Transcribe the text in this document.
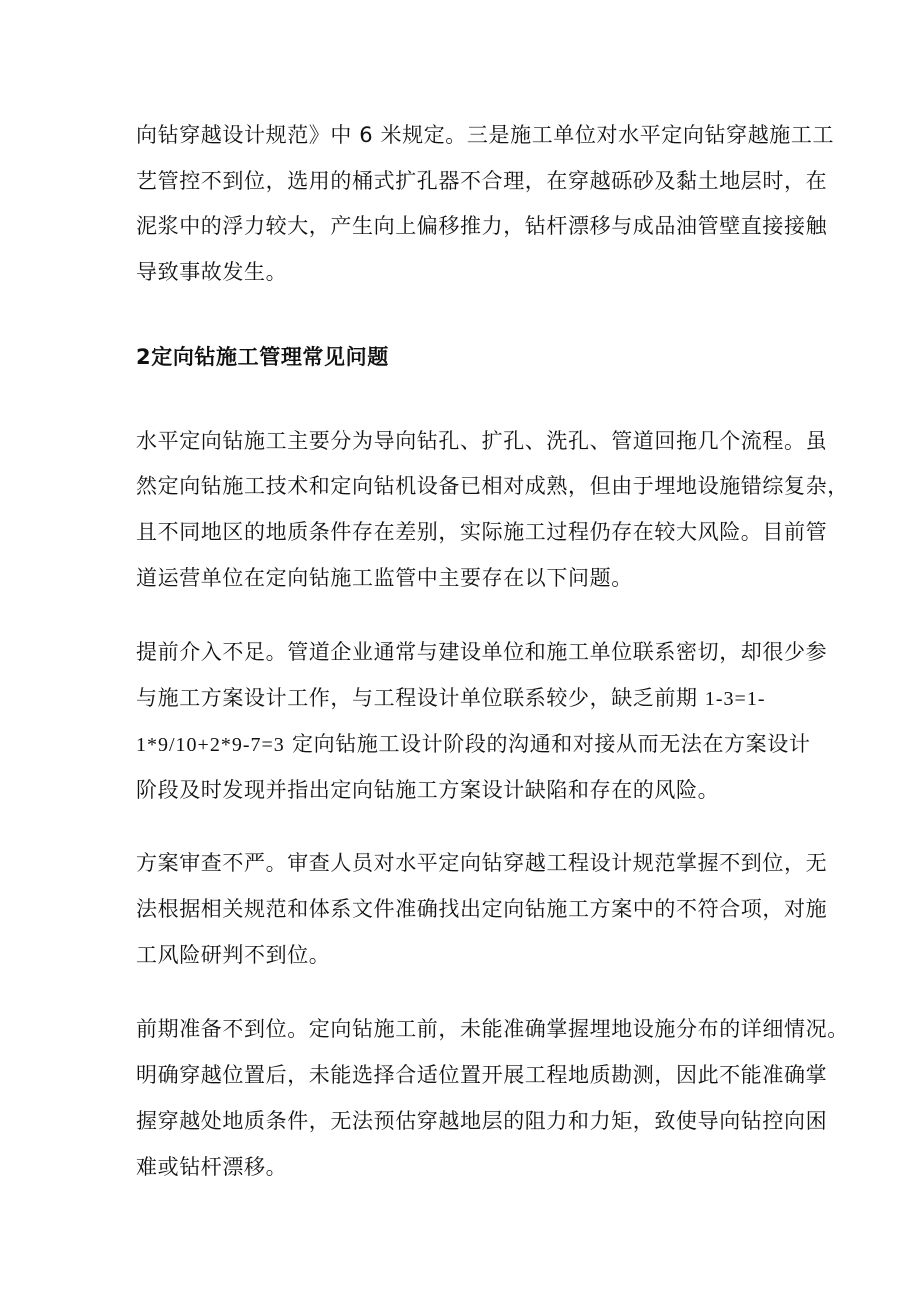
向钻穿越设计规范》中 6 米规定。三是施工单位对水平定向钻穿越施工工
艺管控不到位，选用的桶式扩孔器不合理，在穿越砾砂及黏土地层时，在
泥浆中的浮力较大，产生向上偏移推力，钻杆漂移与成品油管壁直接接触
导致事故发生。
2定向钻施工管理常见问题
水平定向钻施工主要分为导向钻孔、扩孔、洗孔、管道回拖几个流程。虽
然定向钻施工技术和定向钻机设备已相对成熟，但由于埋地设施错综复杂，
且不同地区的地质条件存在差别，实际施工过程仍存在较大风险。目前管
道运营单位在定向钻施工监管中主要存在以下问题。
提前介入不足。管道企业通常与建设单位和施工单位联系密切，却很少参
与施工方案设计工作，与工程设计单位联系较少，缺乏前期 1-3=1-
1*9/10+2*9-7=3 定向钻施工设计阶段的沟通和对接从而无法在方案设计
阶段及时发现并指出定向钻施工方案设计缺陷和存在的风险。
方案审查不严。审查人员对水平定向钻穿越工程设计规范掌握不到位，无
法根据相关规范和体系文件准确找出定向钻施工方案中的不符合项，对施
工风险研判不到位。
前期准备不到位。定向钻施工前，未能准确掌握埋地设施分布的详细情况。
明确穿越位置后，未能选择合适位置开展工程地质勘测，因此不能准确掌
握穿越处地质条件，无法预估穿越地层的阻力和力矩，致使导向钻控向困
难或钻杆漂移。
